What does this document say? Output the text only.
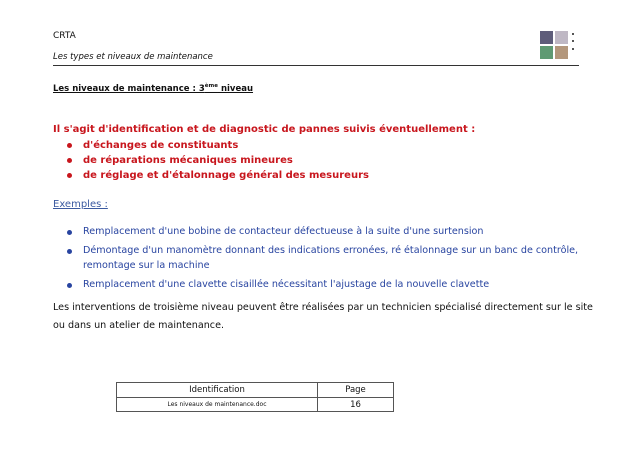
CRTA
Les types et niveaux de maintenance
Les niveaux de maintenance : 3ème niveau
Il s'agit d'identification et de diagnostic de pannes suivis éventuellement :
d'échanges de constituants
de réparations mécaniques mineures
de réglage et d'étalonnage général des mesureurs
Exemples :
Remplacement d'une bobine de contacteur défectueuse à la suite d'une surtension
Démontage d'un manomètre donnant des indications erronées, ré étalonnage sur un banc de contrôle, remontage sur la machine
Remplacement d'une clavette cisaillée nécessitant l'ajustage de la nouvelle clavette
Les interventions de troisième niveau peuvent être réalisées par un technicien spécialisé directement sur le site ou dans un atelier de maintenance.
Identification	Page
Les niveaux de maintenance.doc	16
